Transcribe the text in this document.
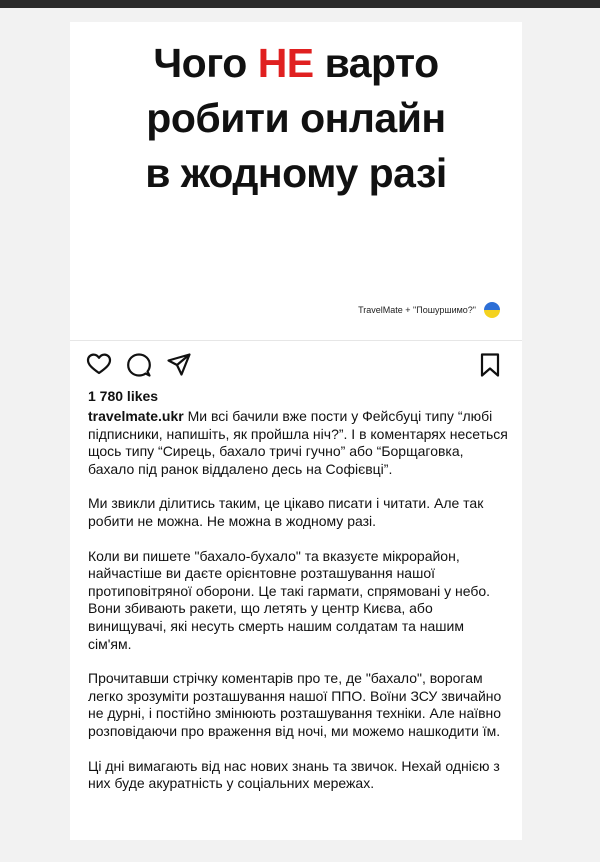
Чого НЕ варто
робити онлайн
в жодному разі
TravelMate + "Пошуршимо?"
1 780 likes

travelmate.ukr Ми всі бачили вже пости у Фейсбуці типу “любі підписники, напишіть, як пройшла ніч?”. І в коментарях несеться щось типу “Сирець, бахало тричі гучно” або “Борщаговка, бахало під ранок віддалено десь на Софієвці”.

Ми звикли ділитись таким, це цікаво писати і читати. Але так робити не можна. Не можна в жодному разі.

Коли ви пишете "бахало-бухало" та вказуєте мікрорайон, найчастіше ви даєте орієнтовне розташування нашої протиповітряної оборони. Це такі гармати, спрямовані у небо. Вони збивають ракети, що летять у центр Києва, або винищувачі, які несуть смерть нашим солдатам та нашим сім'ям.

Прочитавши стрічку коментарів про те, де "бахало", ворогам легко зрозуміти розташування нашої ППО. Воїни ЗСУ звичайно не дурні, і постійно змінюють розташування техніки. Але наївно розповідаючи про враження від ночі, ми можемо нашкодити їм.

Ці дні вимагають від нас нових знань та звичок. Нехай однією з них буде акуратність у соціальних мережах.
